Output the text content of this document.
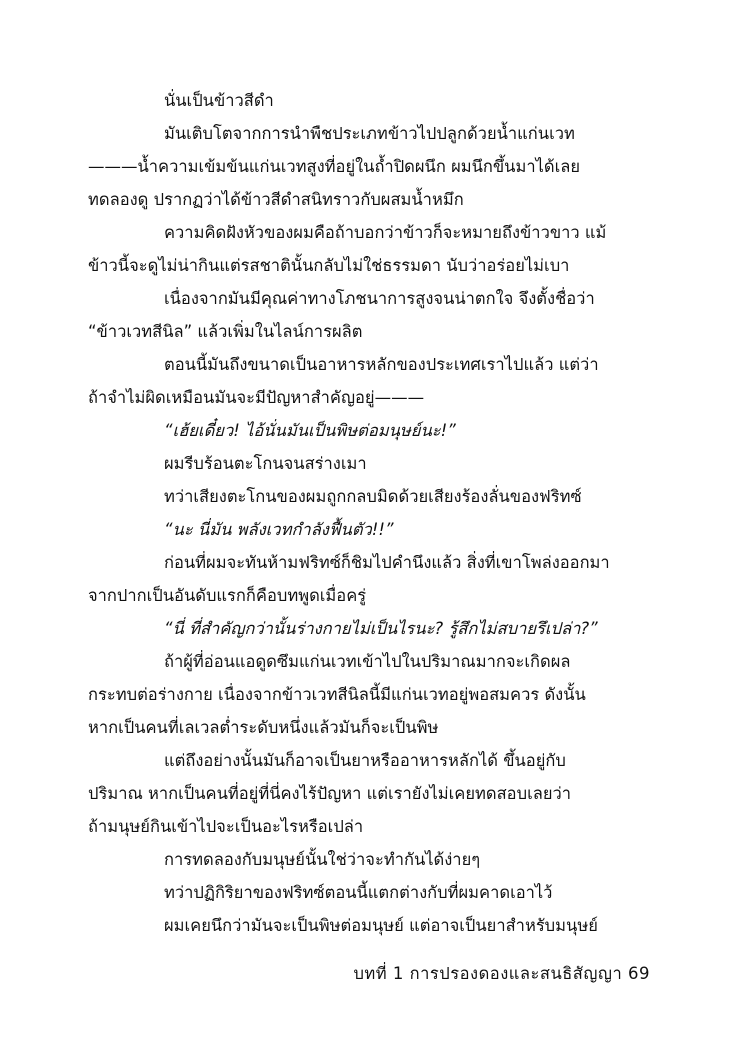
นั่นเป็นข้าวสีดำ
มันเติบโตจากการนำพืชประเภทข้าวไปปลูกด้วยน้ำแก่นเวท
———น้ำความเข้มข้นแก่นเวทสูงที่อยู่ในถ้ำปิดผนึก ผมนึกขึ้นมาได้เลย
ทดลองดู ปรากฏว่าได้ข้าวสีดำสนิทราวกับผสมน้ำหมึก
ความคิดฝังหัวของผมคือถ้าบอกว่าข้าวก็จะหมายถึงข้าวขาว แม้
ข้าวนี้จะดูไม่น่ากินแต่รสชาตินั้นกลับไม่ใช่ธรรมดา นับว่าอร่อยไม่เบา
เนื่องจากมันมีคุณค่าทางโภชนาการสูงจนน่าตกใจ จึงตั้งชื่อว่า
“ข้าวเวทสีนิล” แล้วเพิ่มในไลน์การผลิต
ตอนนี้มันถึงขนาดเป็นอาหารหลักของประเทศเราไปแล้ว แต่ว่า
ถ้าจำไม่ผิดเหมือนมันจะมีปัญหาสำคัญอยู่———
“เฮ้ยเดี๋ยว! ไอ้นั่นมันเป็นพิษต่อมนุษย์นะ!”
ผมรีบร้อนตะโกนจนสร่างเมา
ทว่าเสียงตะโกนของผมถูกกลบมิดด้วยเสียงร้องลั่นของฟริทซ์
“นะ นี่มัน พลังเวทกำลังฟื้นตัว!!”
ก่อนที่ผมจะทันห้ามฟริทซ์ก็ชิมไปคำนึงแล้ว สิ่งที่เขาโพล่งออกมา
จากปากเป็นอันดับแรกก็คือบทพูดเมื่อครู่
“นี่ ที่สำคัญกว่านั้นร่างกายไม่เป็นไรนะ? รู้สึกไม่สบายรึเปล่า?”
ถ้าผู้ที่อ่อนแอดูดซึมแก่นเวทเข้าไปในปริมาณมากจะเกิดผล
กระทบต่อร่างกาย เนื่องจากข้าวเวทสีนิลนี้มีแก่นเวทอยู่พอสมควร ดังนั้น
หากเป็นคนที่เลเวลต่ำระดับหนึ่งแล้วมันก็จะเป็นพิษ
แต่ถึงอย่างนั้นมันก็อาจเป็นยาหรืออาหารหลักได้ ขึ้นอยู่กับ
ปริมาณ หากเป็นคนที่อยู่ที่นี่คงไร้ปัญหา แต่เรายังไม่เคยทดสอบเลยว่า
ถ้ามนุษย์กินเข้าไปจะเป็นอะไรหรือเปล่า
การทดลองกับมนุษย์นั้นใช่ว่าจะทำกันได้ง่ายๆ
ทว่าปฏิกิริยาของฟริทซ์ตอนนี้แตกต่างกับที่ผมคาดเอาไว้
ผมเคยนึกว่ามันจะเป็นพิษต่อมนุษย์ แต่อาจเป็นยาสำหรับมนุษย์
บทที่ 1 การปรองดองและสนธิสัญญา 69
